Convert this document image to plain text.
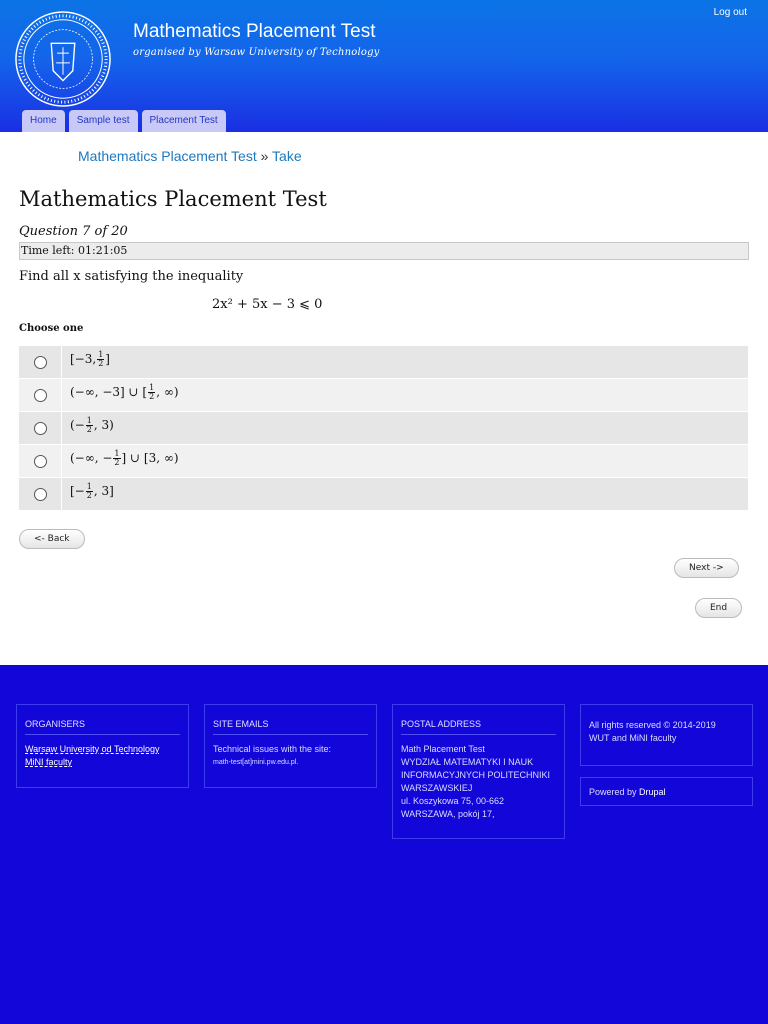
Mathematics Placement Test
organised by Warsaw University of Technology
Log out
Home	Sample test	Placement Test
Mathematics Placement Test » Take
Mathematics Placement Test
Question 7 of 20
Time left: 01:21:05
Find all x satisfying the inequality
2x² + 5x − 3 ⩽ 0
Choose one
[−3, $\frac{1}{2}$ ]
(−∞, −3] ∪ [ $\frac{1}{2}$ , ∞)
(− $\frac{1}{2}$ , 3)
(−∞, − $\frac{1}{2}$ ] ∪ [3, ∞)
[− $\frac{1}{2}$ , 3]
<- Back
Next ->
End
ORGANISERS
Warsaw University od Technology
MiNI faculty
SITE EMAILS
Technical issues with the site:
math-test[at]mini.pw.edu.pl.
POSTAL ADDRESS
Math Placement Test
WYDZIAŁ MATEMATYKI I NAUK
INFORMACYJNYCH POLITECHNIKI
WARSZAWSKIEJ
ul. Koszykowa 75, 00-662
WARSZAWA, pokój 17,
All rights reserved © 2014-2019
WUT and MiNI faculty
Powered by Drupal
